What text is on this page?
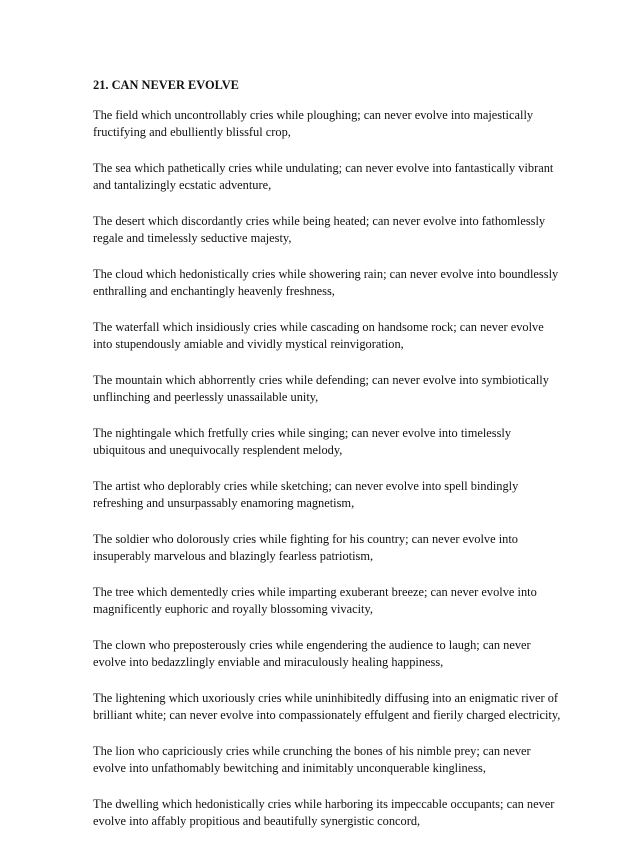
21. CAN NEVER EVOLVE

The field which uncontrollably cries while ploughing; can never evolve into majestically fructifying and ebulliently blissful crop,

The sea which pathetically cries while undulating; can never evolve into fantastically vibrant and tantalizingly ecstatic adventure,

The desert which discordantly cries while being heated; can never evolve into fathomlessly regale and timelessly seductive majesty,

The cloud which hedonistically cries while showering rain; can never evolve into boundlessly enthralling and enchantingly heavenly freshness,

The waterfall which insidiously cries while cascading on handsome rock; can never evolve into stupendously amiable and vividly mystical reinvigoration,

The mountain which abhorrently cries while defending; can never evolve into symbiotically unflinching and peerlessly unassailable unity,

The nightingale which fretfully cries while singing; can never evolve into timelessly ubiquitous and unequivocally resplendent melody,

The artist who deplorably cries while sketching; can never evolve into spell bindingly refreshing and unsurpassably enamoring magnetism,

The soldier who dolorously cries while fighting for his country; can never evolve into insuperably marvelous and blazingly fearless patriotism,

The tree which dementedly cries while imparting exuberant breeze; can never evolve into magnificently euphoric and royally blossoming vivacity,

The clown who preposterously cries while engendering the audience to laugh; can never evolve into bedazzlingly enviable and miraculously healing happiness,

The lightening which uxoriously cries while uninhibitedly diffusing into an enigmatic river of brilliant white; can never evolve into compassionately effulgent and fierily charged electricity,

The lion who capriciously cries while crunching the bones of his nimble prey; can never evolve into unfathomably bewitching and inimitably unconquerable kingliness,

The dwelling which hedonistically cries while harboring its impeccable occupants; can never evolve into affably propitious and beautifully synergistic concord,
